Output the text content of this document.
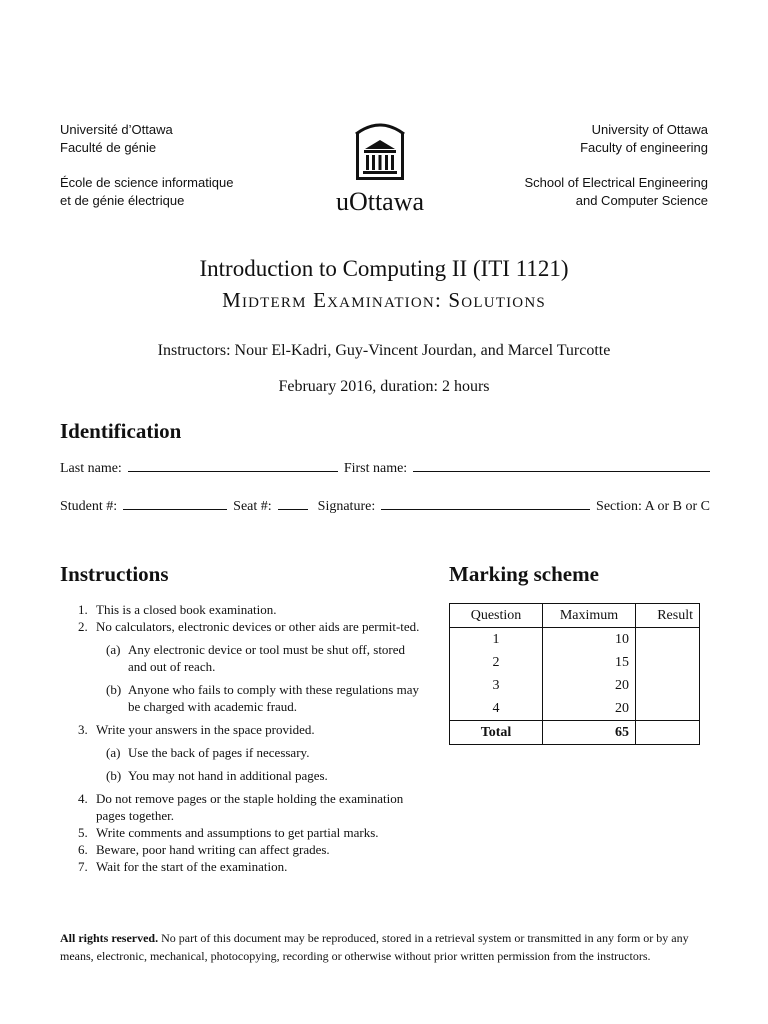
Université d’Ottawa
Faculté de génie
École de science informatique
et de génie électrique
University of Ottawa
Faculty of engineering
School of Electrical Engineering
and Computer Science
uOttawa
Introduction to Computing II (ITI 1121)
Midterm Examination: Solutions
Instructors: Nour El-Kadri, Guy-Vincent Jourdan, and Marcel Turcotte
February 2016, duration: 2 hours
Identification
Last name:	First name:
Student #:	Seat #:	Signature:	Section: A or B or C
Instructions
1. This is a closed book examination.
2. No calculators, electronic devices or other aids are permit-ted.
(a) Any electronic device or tool must be shut off, stored and out of reach.
(b) Anyone who fails to comply with these regulations may be charged with academic fraud.
3. Write your answers in the space provided.
(a) Use the back of pages if necessary.
(b) You may not hand in additional pages.
4. Do not remove pages or the staple holding the examination pages together.
5. Write comments and assumptions to get partial marks.
6. Beware, poor hand writing can affect grades.
7. Wait for the start of the examination.
Marking scheme
Question	Maximum	Result
1	10	
2	15	
3	20	
4	20	
Total	65	
All rights reserved. No part of this document may be reproduced, stored in a retrieval system or transmitted in any form or by any means, electronic, mechanical, photocopying, recording or otherwise without prior written permission from the instructors.
